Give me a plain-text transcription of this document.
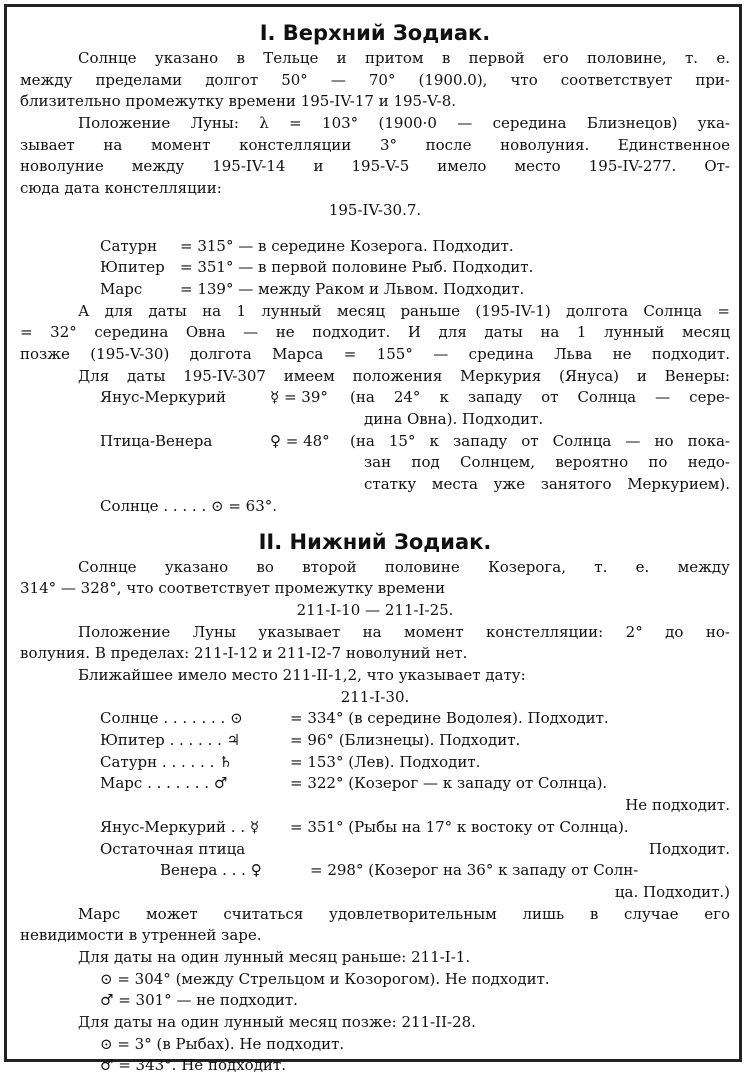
I. Верхний Зодиак.
Солнце указано в Тельце и притом в первой его половине, т. е.
между пределами долгот 50° — 70° (1900.0), что соответствует при-
близительно промежутку времени 195-IV-17 и 195-V-8.
Положение Луны: λ = 103° (1900·0 — середина Близнецов) ука-
зывает на момент констелляции 3° после новолуния. Единственное
новолуние между 195-IV-14 и 195-V-5 имело место 195-IV-277. От-
сюда дата констелляции:
195-IV-30.7.
Сатурн	= 315° — в середине Козерога. Подходит.
Юпитер	= 351° — в первой половине Рыб. Подходит.
Марс	= 139° — между Раком и Львом. Подходит.
А для даты на 1 лунный месяц раньше (195-IV-1) долгота Солнца =
= 32° середина Овна — не подходит. И для даты на 1 лунный месяц
позже (195-V-30) долгота Марса = 155° — средина Льва не подходит.
Для даты 195-IV-307 имеем положения Меркурия (Януса) и Венеры:
Янус-Меркурий	☿ = 39°	(на 24° к западу от Солнца — сере-
дина Овна). Подходит.
Птица-Венера	♀ = 48°	(на 15° к западу от Солнца — но пока-
зан под Солнцем, вероятно по недо-
статку места уже занятого Меркурием).
Солнце . . . . . ⊙ = 63°.
II. Нижний Зодиак.
Солнце указано во второй половине Козерога, т. е. между
314° — 328°, что соответствует промежутку времени
211-I-10 — 211-I-25.
Положение Луны указывает на момент констелляции: 2° до но-
волуния. В пределах: 211-I-12 и 211-I2-7 новолуний нет.
Ближайшее имело место 211-II-1,2, что указывает дату:
211-I-30.
Солнце . . . . . . . ⊙	= 334° (в середине Водолея). Подходит.
Юпитер . . . . . . ♃	= 96° (Близнецы). Подходит.
Сатурн . . . . . . ♄	= 153° (Лев). Подходит.
Марс . . . . . . . ♂	= 322° (Козерог — к западу от Солнца).
Не подходит.
Янус-Меркурий . . ☿	= 351° (Рыбы на 17° к востоку от Солнца).
Остаточная птица	Подходит.
Венера . . . ♀	= 298° (Козерог на 36° к западу от Солн-
ца. Подходит.)
Марс может считаться удовлетворительным лишь в случае его
невидимости в утренней заре.
Для даты на один лунный месяц раньше: 211-I-1.
⊙ = 304° (между Стрельцом и Козорогом). Не подходит.
♂ = 301° — не подходит.
Для даты на один лунный месяц позже: 211-II-28.
⊙ = 3° (в Рыбах). Не подходит.
♂ = 343°. Не подходит.
